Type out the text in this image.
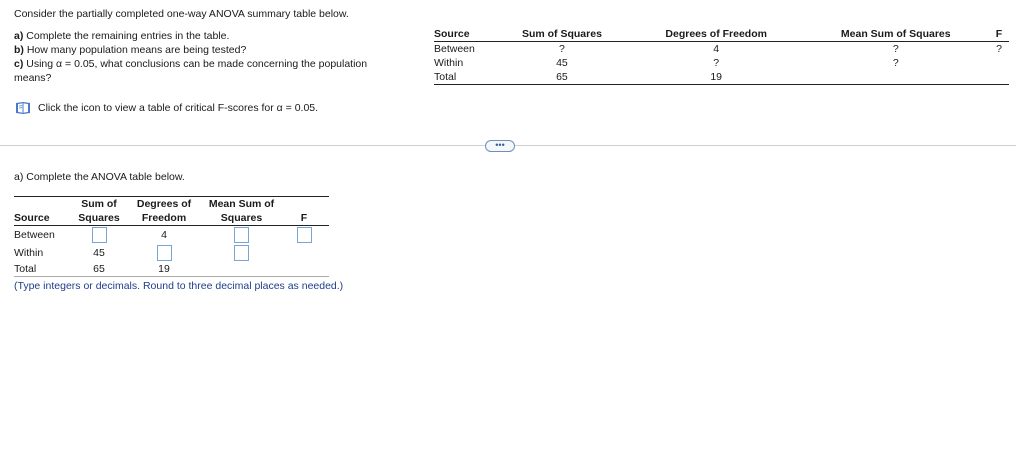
Consider the partially completed one-way ANOVA summary table below.
a) Complete the remaining entries in the table.
b) How many population means are being tested?
c) Using α = 0.05, what conclusions can be made concerning the population means?
Click the icon to view a table of critical F-scores for α = 0.05.
Source	Sum of Squares	Degrees of Freedom	Mean Sum of Squares	F
Between	?	4	?	?
Within	45	?	?	
Total	65	19		
•••
a) Complete the ANOVA table below.
	Sum of	Degrees of	Mean Sum of	
Source	Squares	Freedom	Squares	F
Between		4		
Within	45			
Total	65	19		
(Type integers or decimals. Round to three decimal places as needed.)
